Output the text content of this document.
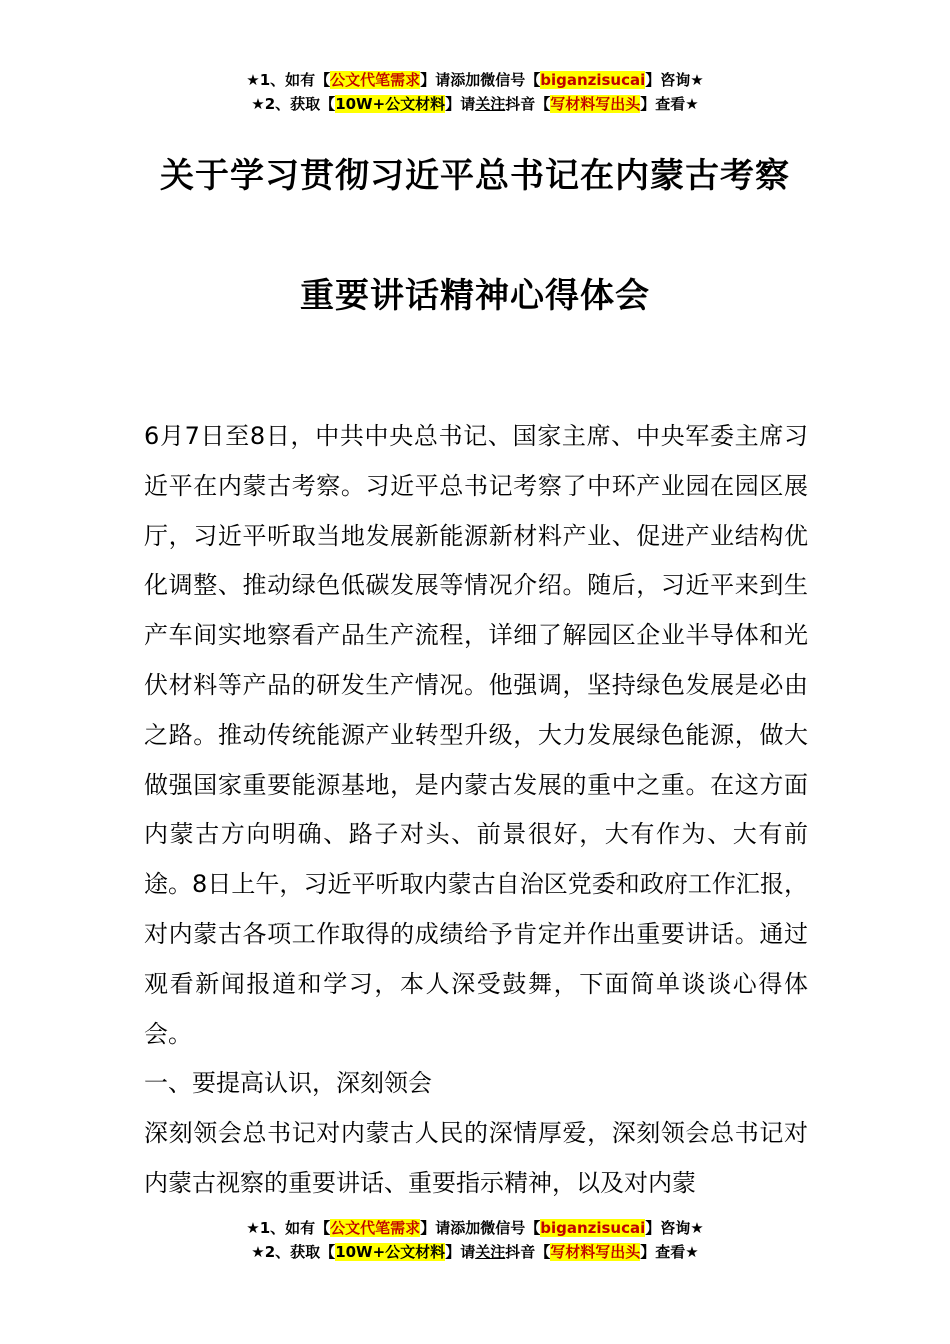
★1、如有【公文代笔需求】请添加微信号【biganzisucai】咨询★
★2、获取【10W+公文材料】请关注抖音【写材料写出头】查看★
关于学习贯彻习近平总书记在内蒙古考察
重要讲话精神心得体会

6月7日至8日，中共中央总书记、国家主席、中央军委主席习近平在内蒙古考察。习近平总书记考察了中环产业园在园区展厅，习近平听取当地发展新能源新材料产业、促进产业结构优化调整、推动绿色低碳发展等情况介绍。随后，习近平来到生产车间实地察看产品生产流程，详细了解园区企业半导体和光伏材料等产品的研发生产情况。他强调，坚持绿色发展是必由之路。推动传统能源产业转型升级，大力发展绿色能源，做大做强国家重要能源基地，是内蒙古发展的重中之重。在这方面内蒙古方向明确、路子对头、前景很好，大有作为、大有前途。8日上午，习近平听取内蒙古自治区党委和政府工作汇报，对内蒙古各项工作取得的成绩给予肯定并作出重要讲话。通过观看新闻报道和学习，本人深受鼓舞，下面简单谈谈心得体会。

一、要提高认识，深刻领会

深刻领会总书记对内蒙古人民的深情厚爱，深刻领会总书记对内蒙古视察的重要讲话、重要指示精神，以及对内蒙

★1、如有【公文代笔需求】请添加微信号【biganzisucai】咨询★
★2、获取【10W+公文材料】请关注抖音【写材料写出头】查看★
